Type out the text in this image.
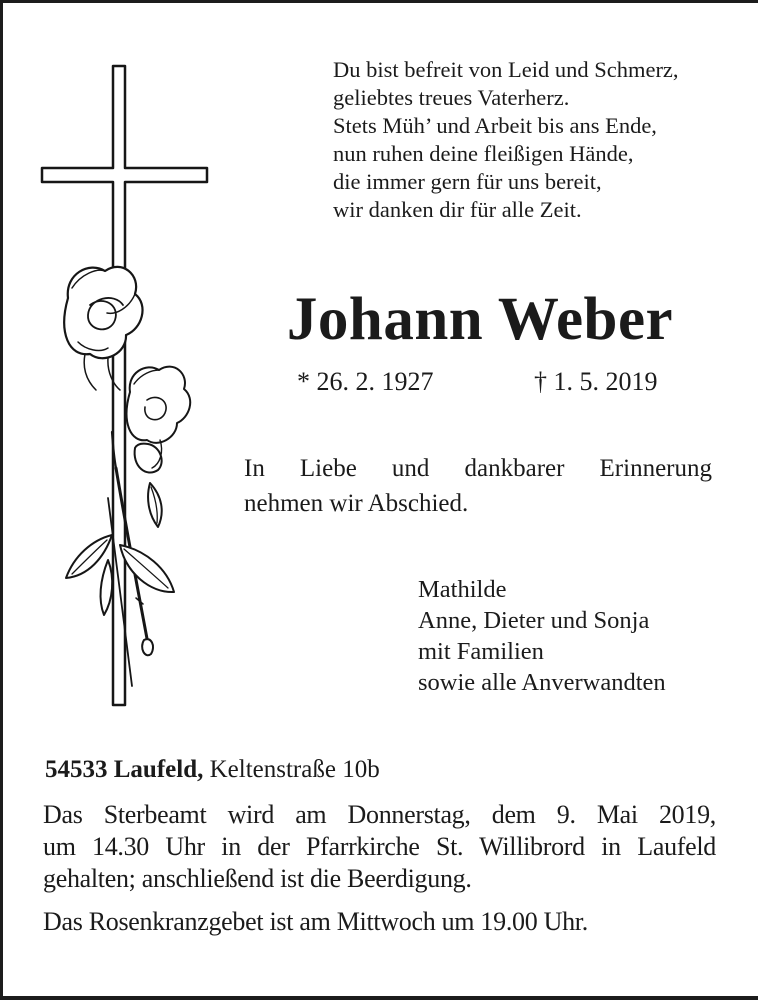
Du bist befreit von Leid und Schmerz,
geliebtes treues Vaterherz.
Stets Müh’ und Arbeit bis ans Ende,
nun ruhen deine fleißigen Hände,
die immer gern für uns bereit,
wir danken dir für alle Zeit.
Johann Weber
* 26. 2. 1927	† 1. 5. 2019
In Liebe und dankbarer Erinnerung
nehmen wir Abschied.
Mathilde
Anne, Dieter und Sonja
mit Familien
sowie alle Anverwandten
54533 Laufeld, Keltenstraße 10b
Das Sterbeamt wird am Donnerstag, dem 9. Mai 2019,
um 14.30 Uhr in der Pfarrkirche St. Willibrord in Laufeld
gehalten; anschließend ist die Beerdigung.
Das Rosenkranzgebet ist am Mittwoch um 19.00 Uhr.
